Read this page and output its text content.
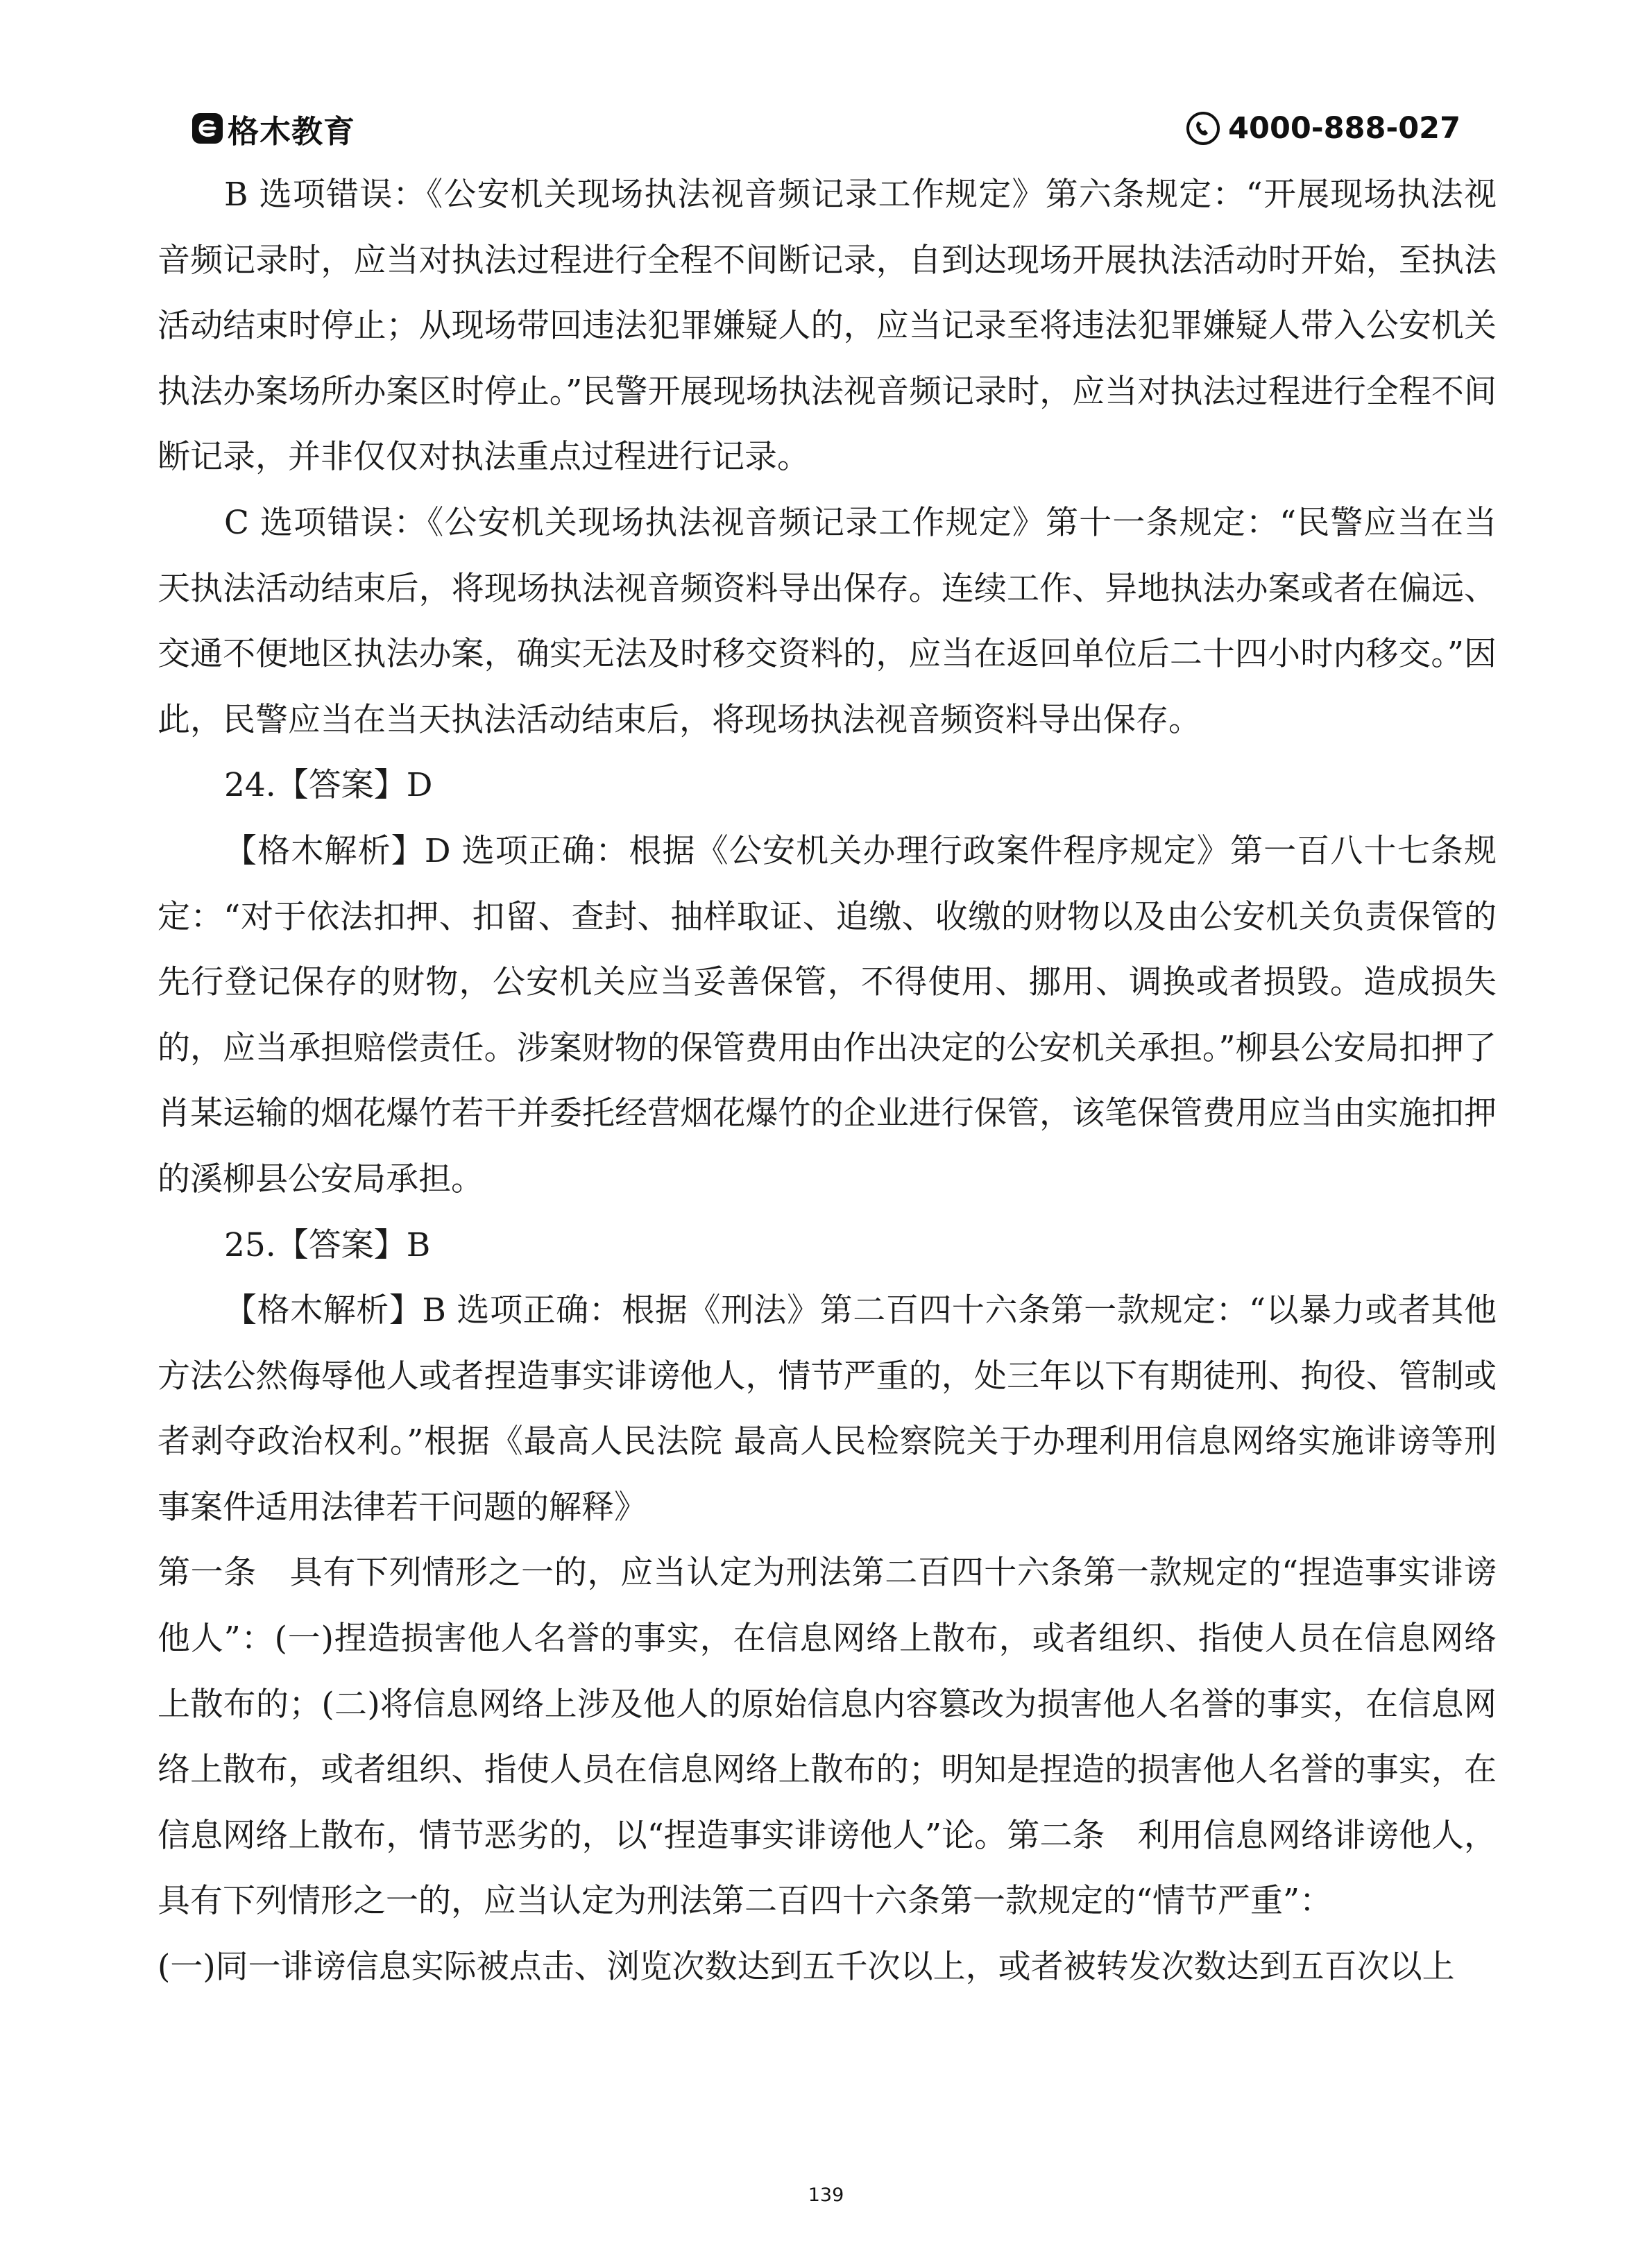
格木教育	4000-888-027

B 选项错误：《公安机关现场执法视音频记录工作规定》第六条规定：“开展现场执法视音频记录时，应当对执法过程进行全程不间断记录，自到达现场开展执法活动时开始，至执法活动结束时停止；从现场带回违法犯罪嫌疑人的，应当记录至将违法犯罪嫌疑人带入公安机关执法办案场所办案区时停止。”民警开展现场执法视音频记录时，应当对执法过程进行全程不间断记录，并非仅仅对执法重点过程进行记录。

C 选项错误：《公安机关现场执法视音频记录工作规定》第十一条规定：“民警应当在当天执法活动结束后，将现场执法视音频资料导出保存。连续工作、异地执法办案或者在偏远、交通不便地区执法办案，确实无法及时移交资料的，应当在返回单位后二十四小时内移交。”因此，民警应当在当天执法活动结束后，将现场执法视音频资料导出保存。

24.【答案】D

【格木解析】D 选项正确：根据《公安机关办理行政案件程序规定》第一百八十七条规定：“对于依法扣押、扣留、查封、抽样取证、追缴、收缴的财物以及由公安机关负责保管的先行登记保存的财物，公安机关应当妥善保管，不得使用、挪用、调换或者损毁。造成损失的，应当承担赔偿责任。涉案财物的保管费用由作出决定的公安机关承担。”柳县公安局扣押了肖某运输的烟花爆竹若干并委托经营烟花爆竹的企业进行保管，该笔保管费用应当由实施扣押的溪柳县公安局承担。

25.【答案】B

【格木解析】B 选项正确：根据《刑法》第二百四十六条第一款规定：“以暴力或者其他方法公然侮辱他人或者捏造事实诽谤他人，情节严重的，处三年以下有期徒刑、拘役、管制或者剥夺政治权利。”根据《最高人民法院 最高人民检察院关于办理利用信息网络实施诽谤等刑事案件适用法律若干问题的解释》

第一条　具有下列情形之一的，应当认定为刑法第二百四十六条第一款规定的“捏造事实诽谤他人”：(一)捏造损害他人名誉的事实，在信息网络上散布，或者组织、指使人员在信息网络上散布的；(二)将信息网络上涉及他人的原始信息内容篡改为损害他人名誉的事实，在信息网络上散布，或者组织、指使人员在信息网络上散布的；明知是捏造的损害他人名誉的事实，在信息网络上散布，情节恶劣的，以“捏造事实诽谤他人”论。第二条　利用信息网络诽谤他人，具有下列情形之一的，应当认定为刑法第二百四十六条第一款规定的“情节严重”：

(一)同一诽谤信息实际被点击、浏览次数达到五千次以上，或者被转发次数达到五百次以上

139
